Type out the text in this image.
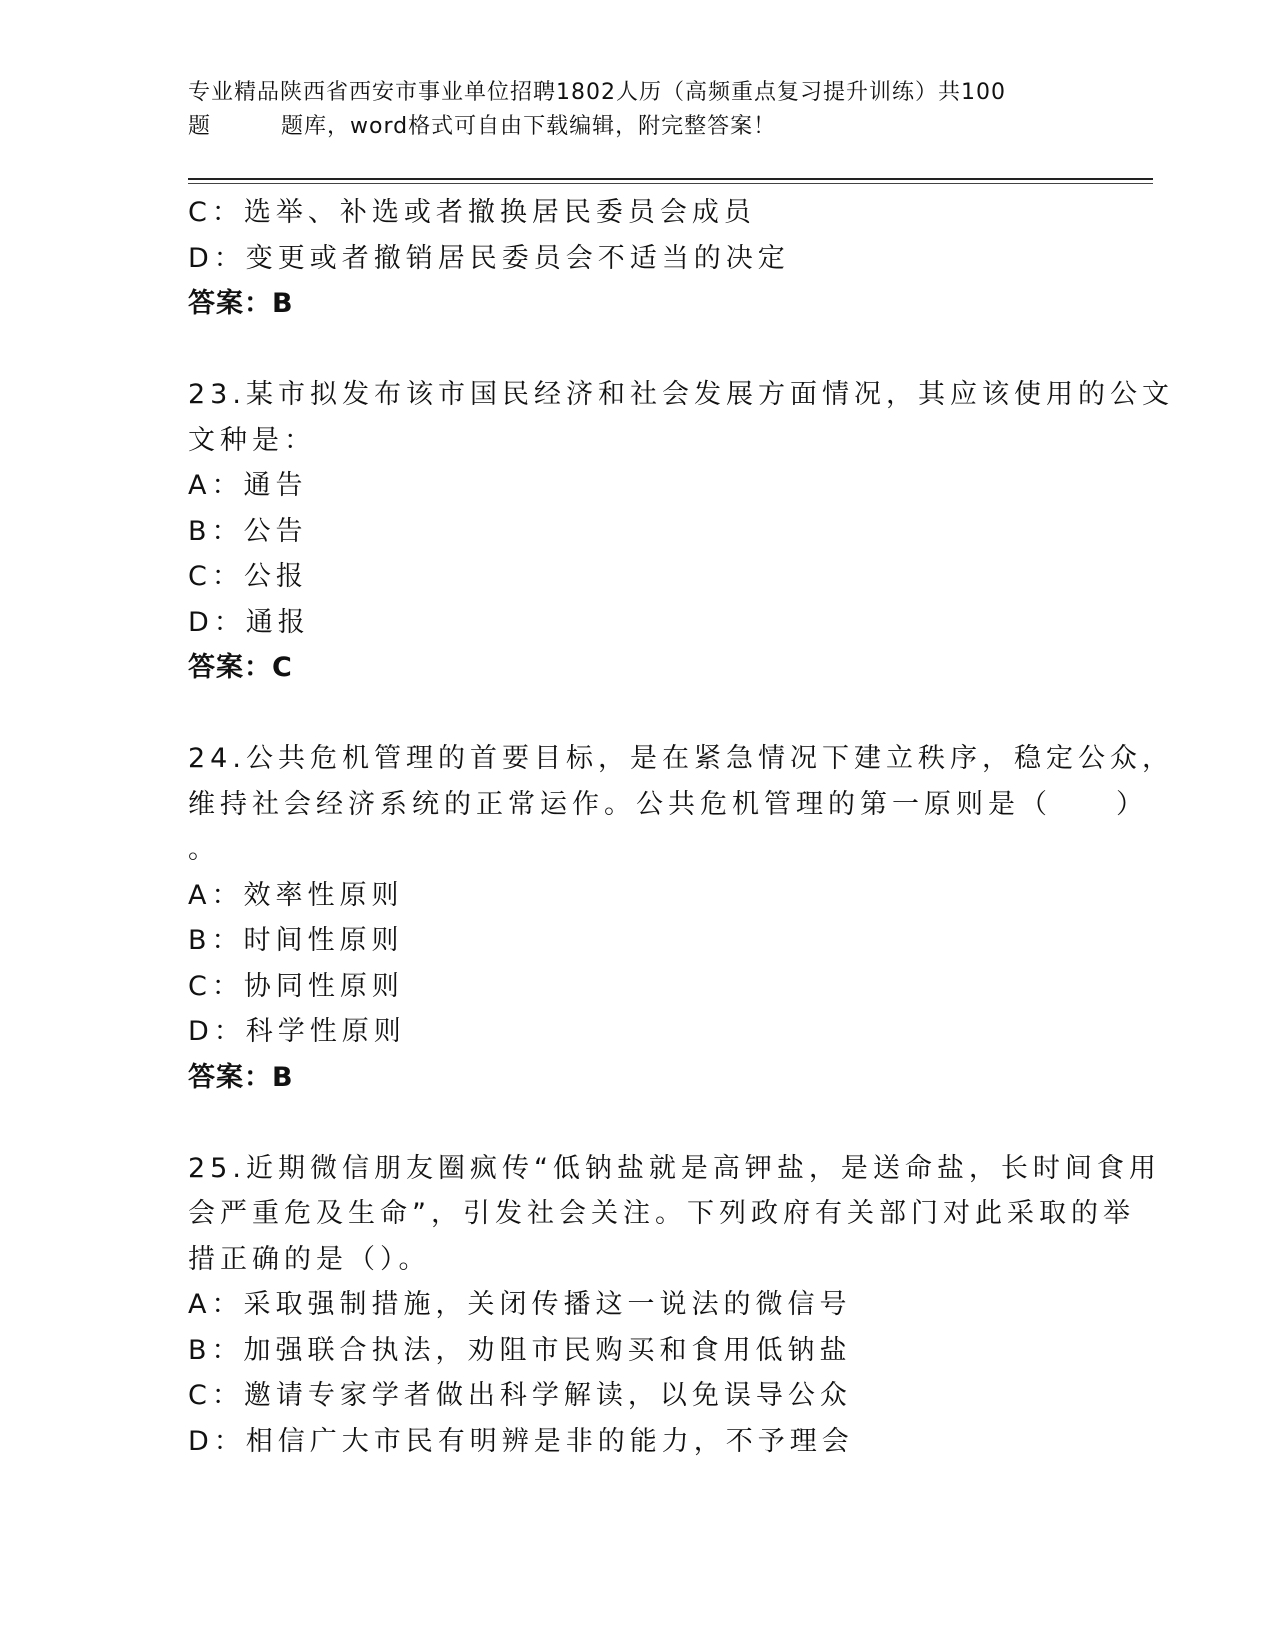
专业精品陕西省西安市事业单位招聘1802人历（高频重点复习提升训练）共100
题	题库，word格式可自由下载编辑，附完整答案！
C：选举、补选或者撤换居民委员会成员
D：变更或者撤销居民委员会不适当的决定
答案：B
23.某市拟发布该市国民经济和社会发展方面情况，其应该使用的公文
文种是：
A：通告
B：公告
C：公报
D：通报
答案：C
24.公共危机管理的首要目标，是在紧急情况下建立秩序，稳定公众，
维持社会经济系统的正常运作。公共危机管理的第一原则是（　　）
。
A：效率性原则
B：时间性原则
C：协同性原则
D：科学性原则
答案：B
25.近期微信朋友圈疯传“低钠盐就是高钾盐，是送命盐，长时间食用
会严重危及生命”，引发社会关注。下列政府有关部门对此采取的举
措正确的是（）。
A：采取强制措施，关闭传播这一说法的微信号
B：加强联合执法，劝阻市民购买和食用低钠盐
C：邀请专家学者做出科学解读，以免误导公众
D：相信广大市民有明辨是非的能力，不予理会
